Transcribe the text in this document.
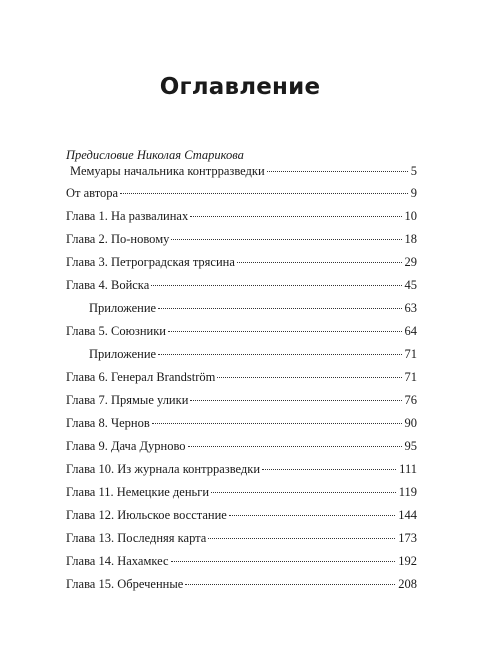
Оглавление
Предисловие Николая Старикова
Мемуары начальника контрразведки	5
От автора	9
Глава 1. На развалинах	10
Глава 2. По-новому	18
Глава 3. Петроградская трясина	29
Глава 4. Войска	45
Приложение	63
Глава 5. Союзники	64
Приложение	71
Глава 6. Генерал Brandström	71
Глава 7. Прямые улики	76
Глава 8. Чернов	90
Глава 9. Дача Дурново	95
Глава 10. Из журнала контрразведки	111
Глава 11. Немецкие деньги	119
Глава 12. Июльское восстание	144
Глава 13. Последняя карта	173
Глава 14. Нахамкес	192
Глава 15. Обреченные	208
